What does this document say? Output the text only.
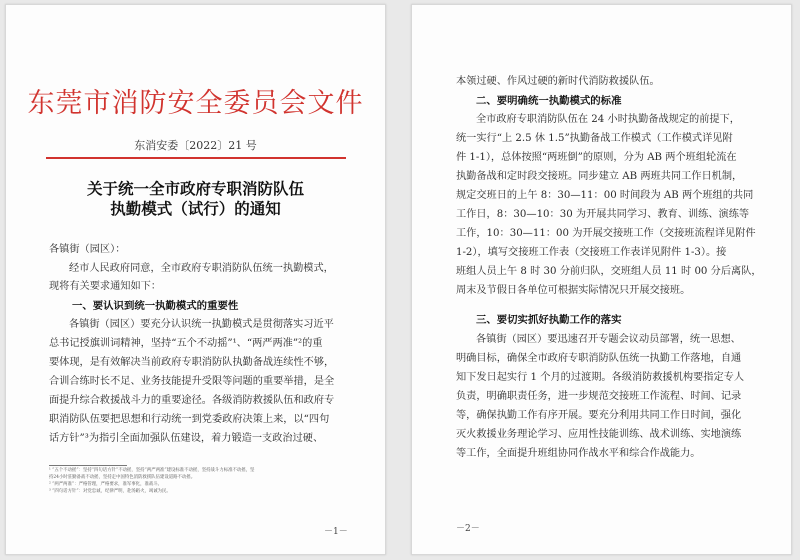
东莞市消防安全委员会文件
东消安委〔2022〕21 号
关于统一全市政府专职消防队伍
执勤模式（试行）的通知
各镇街（园区）：
经市人民政府同意，全市政府专职消防队伍统一执勤模式，
现将有关要求通知如下：
一、要认识到统一执勤模式的重要性
各镇街（园区）要充分认识统一执勤模式是贯彻落实习近平
总书记授旗训词精神，坚持“五个不动摇”¹、“两严两准”²的重
要体现，是有效解决当前政府专职消防队执勤备战连续性不够，
合训合练时长不足、业务技能提升受限等问题的重要举措，是全
面提升综合救援战斗力的重要途径。各级消防救援队伍和政府专
职消防队伍要把思想和行动统一到党委政府决策上来，以“四句
话方针”³为指引全面加强队伍建设，着力锻造一支政治过硬、
¹ “五个不动摇”：坚持“四句话方针”不动摇，坚持“两严两准”建设标准不动摇，坚持战斗力标准不动摇，坚
持24小时驻勤备战不动摇，坚持走中国特色消防救援队伍建设道路不动摇。
² “两严两准”：严格管理，严格要求，准军事化，准战斗。
³ “四句话方针”：对党忠诚，纪律严明，赴汤蹈火，竭诚为民。
－1－
本领过硬、作风过硬的新时代消防救援队伍。
二、要明确统一执勤模式的标准
全市政府专职消防队伍在 24 小时执勤备战规定的前提下，
统一实行“上 2.5 休 1.5”执勤备战工作模式（工作模式详见附
件 1-1），总体按照“两班倒”的原则，分为 AB 两个班组轮流在
执勤备战和定时段交接班。同步建立 AB 两班共同工作日机制，
规定交班日的上午 8：30—11：00 时间段为 AB 两个班组的共同
工作日，8：30—10：30 为开展共同学习、教育、训练、演练等
工作，10：30—11：00 为开展交接班工作（交接班流程详见附件
1-2），填写交接班工作表（交接班工作表详见附件 1-3）。接
班组人员上午 8 时 30 分前归队，交班组人员 11 时 00 分后离队，
周末及节假日各单位可根据实际情况只开展交接班。
三、要切实抓好执勤工作的落实
各镇街（园区）要迅速召开专题会议动员部署，统一思想、
明确目标，确保全市政府专职消防队伍统一执勤工作落地，自通
知下发日起实行 1 个月的过渡期。各级消防救援机构要指定专人
负责，明确职责任务，进一步规范交接班工作流程、时间、记录
等，确保执勤工作有序开展。要充分利用共同工作日时间，强化
灭火救援业务理论学习、应用性技能训练、战术训练、实地演练
等工作，全面提升班组协同作战水平和综合作战能力。
－2－
